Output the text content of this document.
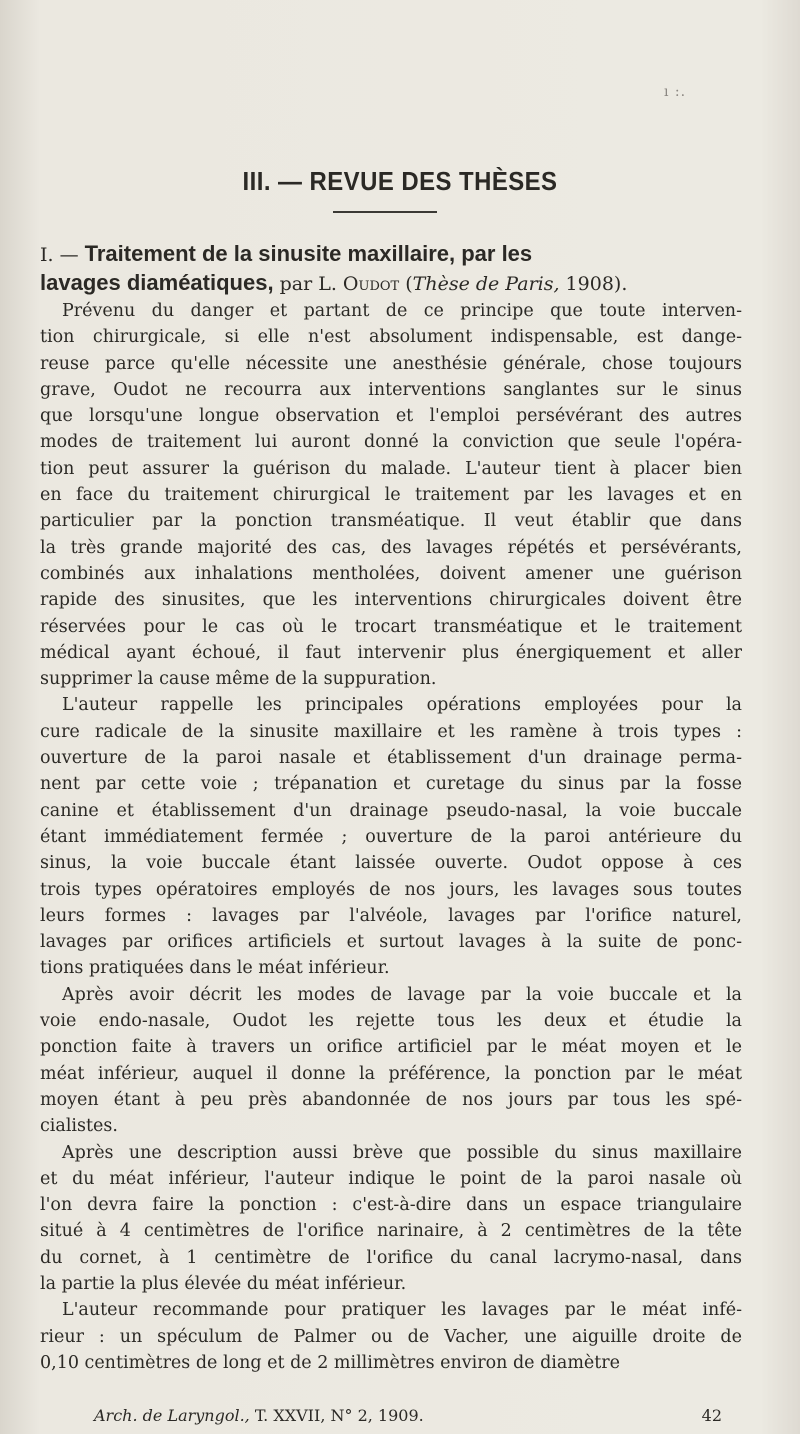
ı :.
III. — REVUE DES THÈSES
I. — Traitement de la sinusite maxillaire, par les
lavages diaméatiques, par L. Oudot (Thèse de Paris, 1908).
Prévenu du danger et partant de ce principe que toute interven-
tion chirurgicale, si elle n'est absolument indispensable, est dange-
reuse parce qu'elle nécessite une anesthésie générale, chose toujours
grave, Oudot ne recourra aux interventions sanglantes sur le sinus
que lorsqu'une longue observation et l'emploi persévérant des autres
modes de traitement lui auront donné la conviction que seule l'opéra-
tion peut assurer la guérison du malade. L'auteur tient à placer bien
en face du traitement chirurgical le traitement par les lavages et en
particulier par la ponction transméatique. Il veut établir que dans
la très grande majorité des cas, des lavages répétés et persévérants,
combinés aux inhalations mentholées, doivent amener une guérison
rapide des sinusites, que les interventions chirurgicales doivent être
réservées pour le cas où le trocart transméatique et le traitement
médical ayant échoué, il faut intervenir plus énergiquement et aller
supprimer la cause même de la suppuration.
L'auteur rappelle les principales opérations employées pour la
cure radicale de la sinusite maxillaire et les ramène à trois types :
ouverture de la paroi nasale et établissement d'un drainage perma-
nent par cette voie ; trépanation et curetage du sinus par la fosse
canine et établissement d'un drainage pseudo-nasal, la voie buccale
étant immédiatement fermée ; ouverture de la paroi antérieure du
sinus, la voie buccale étant laissée ouverte. Oudot oppose à ces
trois types opératoires employés de nos jours, les lavages sous toutes
leurs formes : lavages par l'alvéole, lavages par l'orifice naturel,
lavages par orifices artificiels et surtout lavages à la suite de ponc-
tions pratiquées dans le méat inférieur.
Après avoir décrit les modes de lavage par la voie buccale et la
voie endo-nasale, Oudot les rejette tous les deux et étudie la
ponction faite à travers un orifice artificiel par le méat moyen et le
méat inférieur, auquel il donne la préférence, la ponction par le méat
moyen étant à peu près abandonnée de nos jours par tous les spé-
cialistes.
Après une description aussi brève que possible du sinus maxillaire
et du méat inférieur, l'auteur indique le point de la paroi nasale où
l'on devra faire la ponction : c'est-à-dire dans un espace triangulaire
situé à 4 centimètres de l'orifice narinaire, à 2 centimètres de la tête
du cornet, à 1 centimètre de l'orifice du canal lacrymo-nasal, dans
la partie la plus élevée du méat inférieur.
L'auteur recommande pour pratiquer les lavages par le méat infé-
rieur : un spéculum de Palmer ou de Vacher, une aiguille droite de
0,10 centimètres de long et de 2 millimètres environ de diamètre
Arch. de Laryngol., T. XXVII, N° 2, 1909.	42
